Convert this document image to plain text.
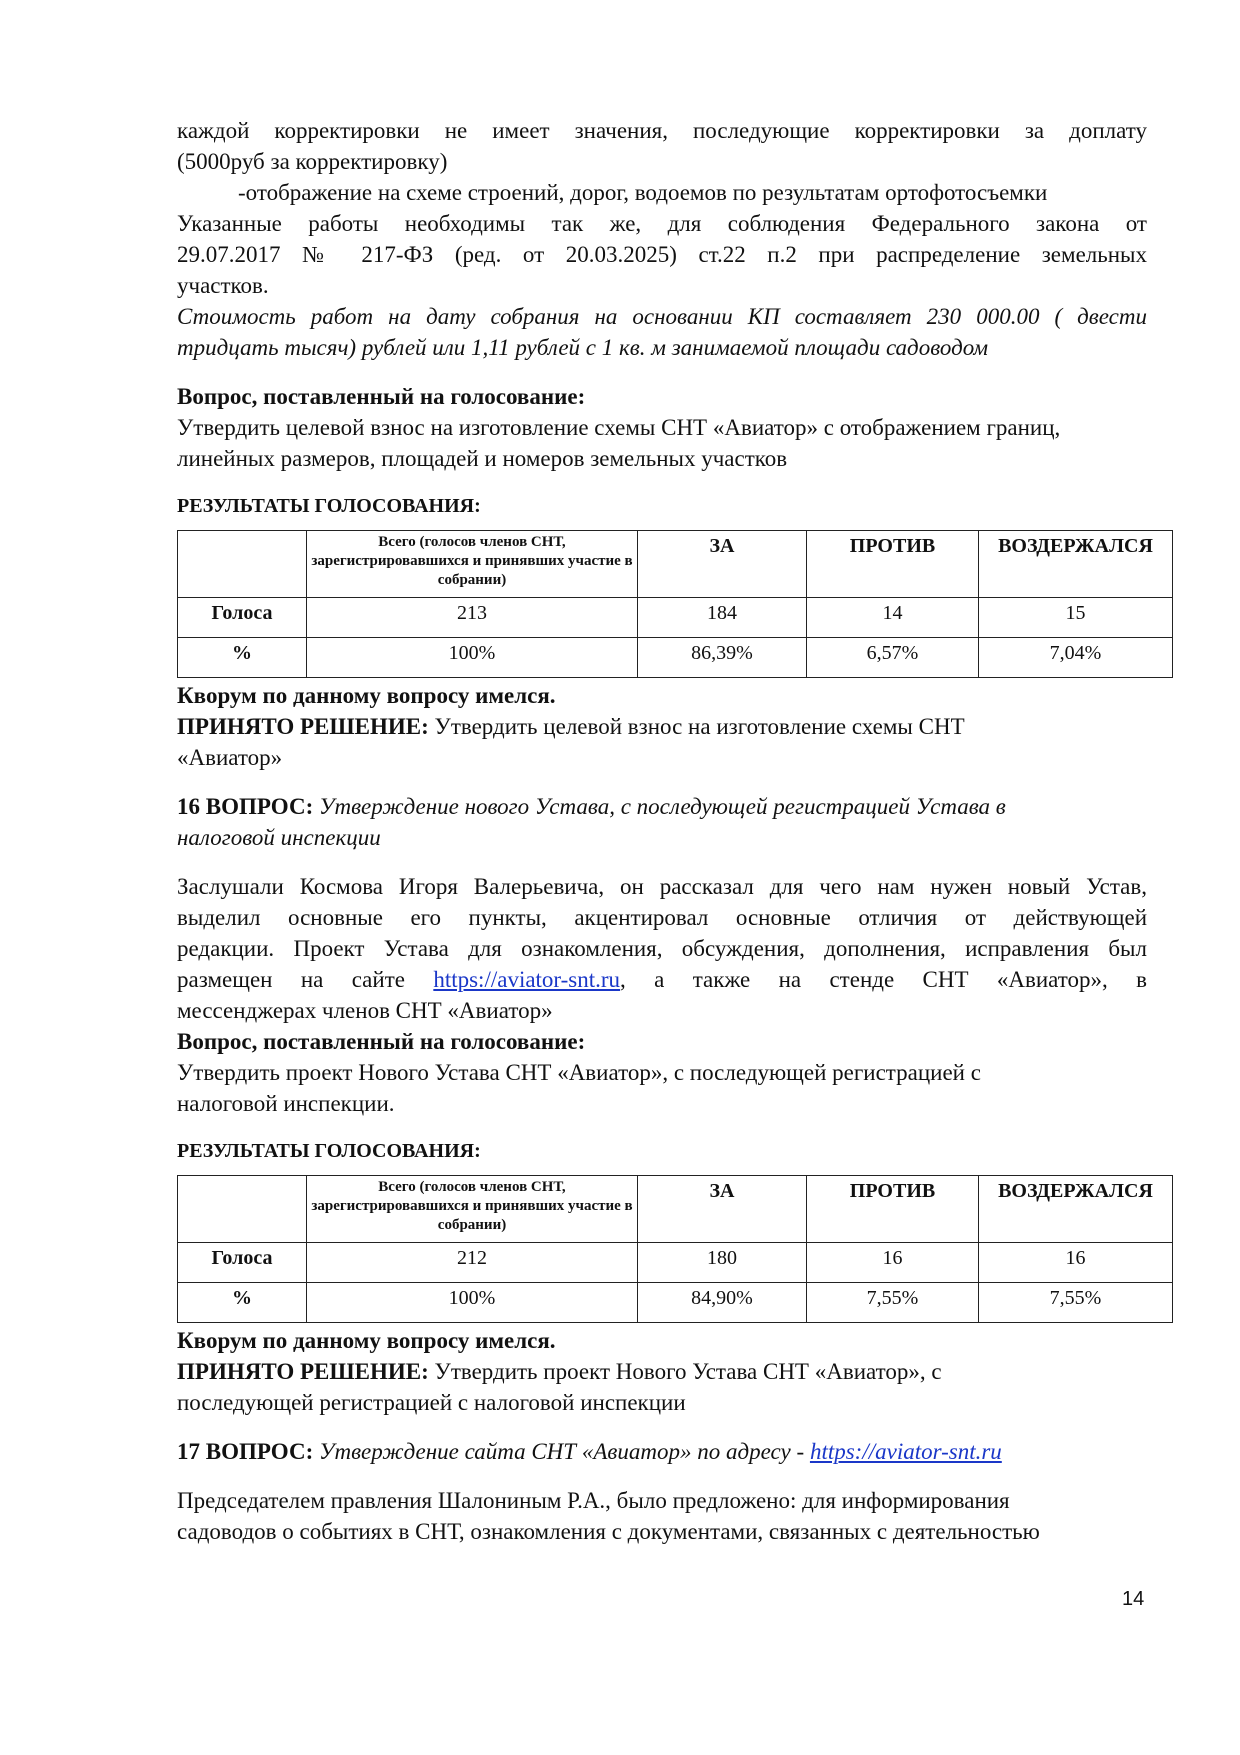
каждой корректировки не имеет значения, последующие корректировки за доплату

(5000руб за корректировку)

-отображение на схеме строений, дорог, водоемов по результатам ортофотосъемки

Указанные работы необходимы так же, для соблюдения Федерального закона от

29.07.2017 № 217-ФЗ (ред. от 20.03.2025) ст.22 п.2 при распределение земельных

участков.

Стоимость работ на дату собрания на основании КП составляет 230 000.00 ( двести

тридцать тысяч) рублей или 1,11 рублей с 1 кв. м занимаемой площади садоводом

Вопрос, поставленный на голосование:

Утвердить целевой взнос на изготовление схемы СНТ «Авиатор» с отображением границ,

линейных размеров, площадей и номеров земельных участков

РЕЗУЛЬТАТЫ ГОЛОСОВАНИЯ:

	Всего (голосов членов СНТ, зарегистрировавшихся и принявших участие в собрании)	ЗА	ПРОТИВ	ВОЗДЕРЖАЛСЯ
Голоса	213	184	14	15
%	100%	86,39%	6,57%	7,04%

Кворум по данному вопросу имелся.

ПРИНЯТО РЕШЕНИЕ: Утвердить целевой взнос на изготовление схемы СНТ

«Авиатор»

16 ВОПРОС: Утверждение нового Устава, с последующей регистрацией Устава в

налоговой инспекции

Заслушали Космова Игоря Валерьевича, он рассказал для чего нам нужен новый Устав,

выделил основные его пункты, акцентировал основные отличия от действующей

редакции. Проект Устава для ознакомления, обсуждения, дополнения, исправления был

размещен на сайте https://aviator-snt.ru, а также на стенде СНТ «Авиатор», в

мессенджерах членов СНТ «Авиатор»

Вопрос, поставленный на голосование:

Утвердить проект Нового Устава СНТ «Авиатор», с последующей регистрацией с

налоговой инспекции.

РЕЗУЛЬТАТЫ ГОЛОСОВАНИЯ:

	Всего (голосов членов СНТ, зарегистрировавшихся и принявших участие в собрании)	ЗА	ПРОТИВ	ВОЗДЕРЖАЛСЯ
Голоса	212	180	16	16
%	100%	84,90%	7,55%	7,55%

Кворум по данному вопросу имелся.

ПРИНЯТО РЕШЕНИЕ: Утвердить проект Нового Устава СНТ «Авиатор», с

последующей регистрацией с налоговой инспекции

17 ВОПРОС: Утверждение сайта СНТ «Авиатор» по адресу - https://aviator-snt.ru

Председателем правления Шалониным Р.А., было предложено: для информирования

садоводов о событиях в СНТ, ознакомления с документами, связанных с деятельностью

14
